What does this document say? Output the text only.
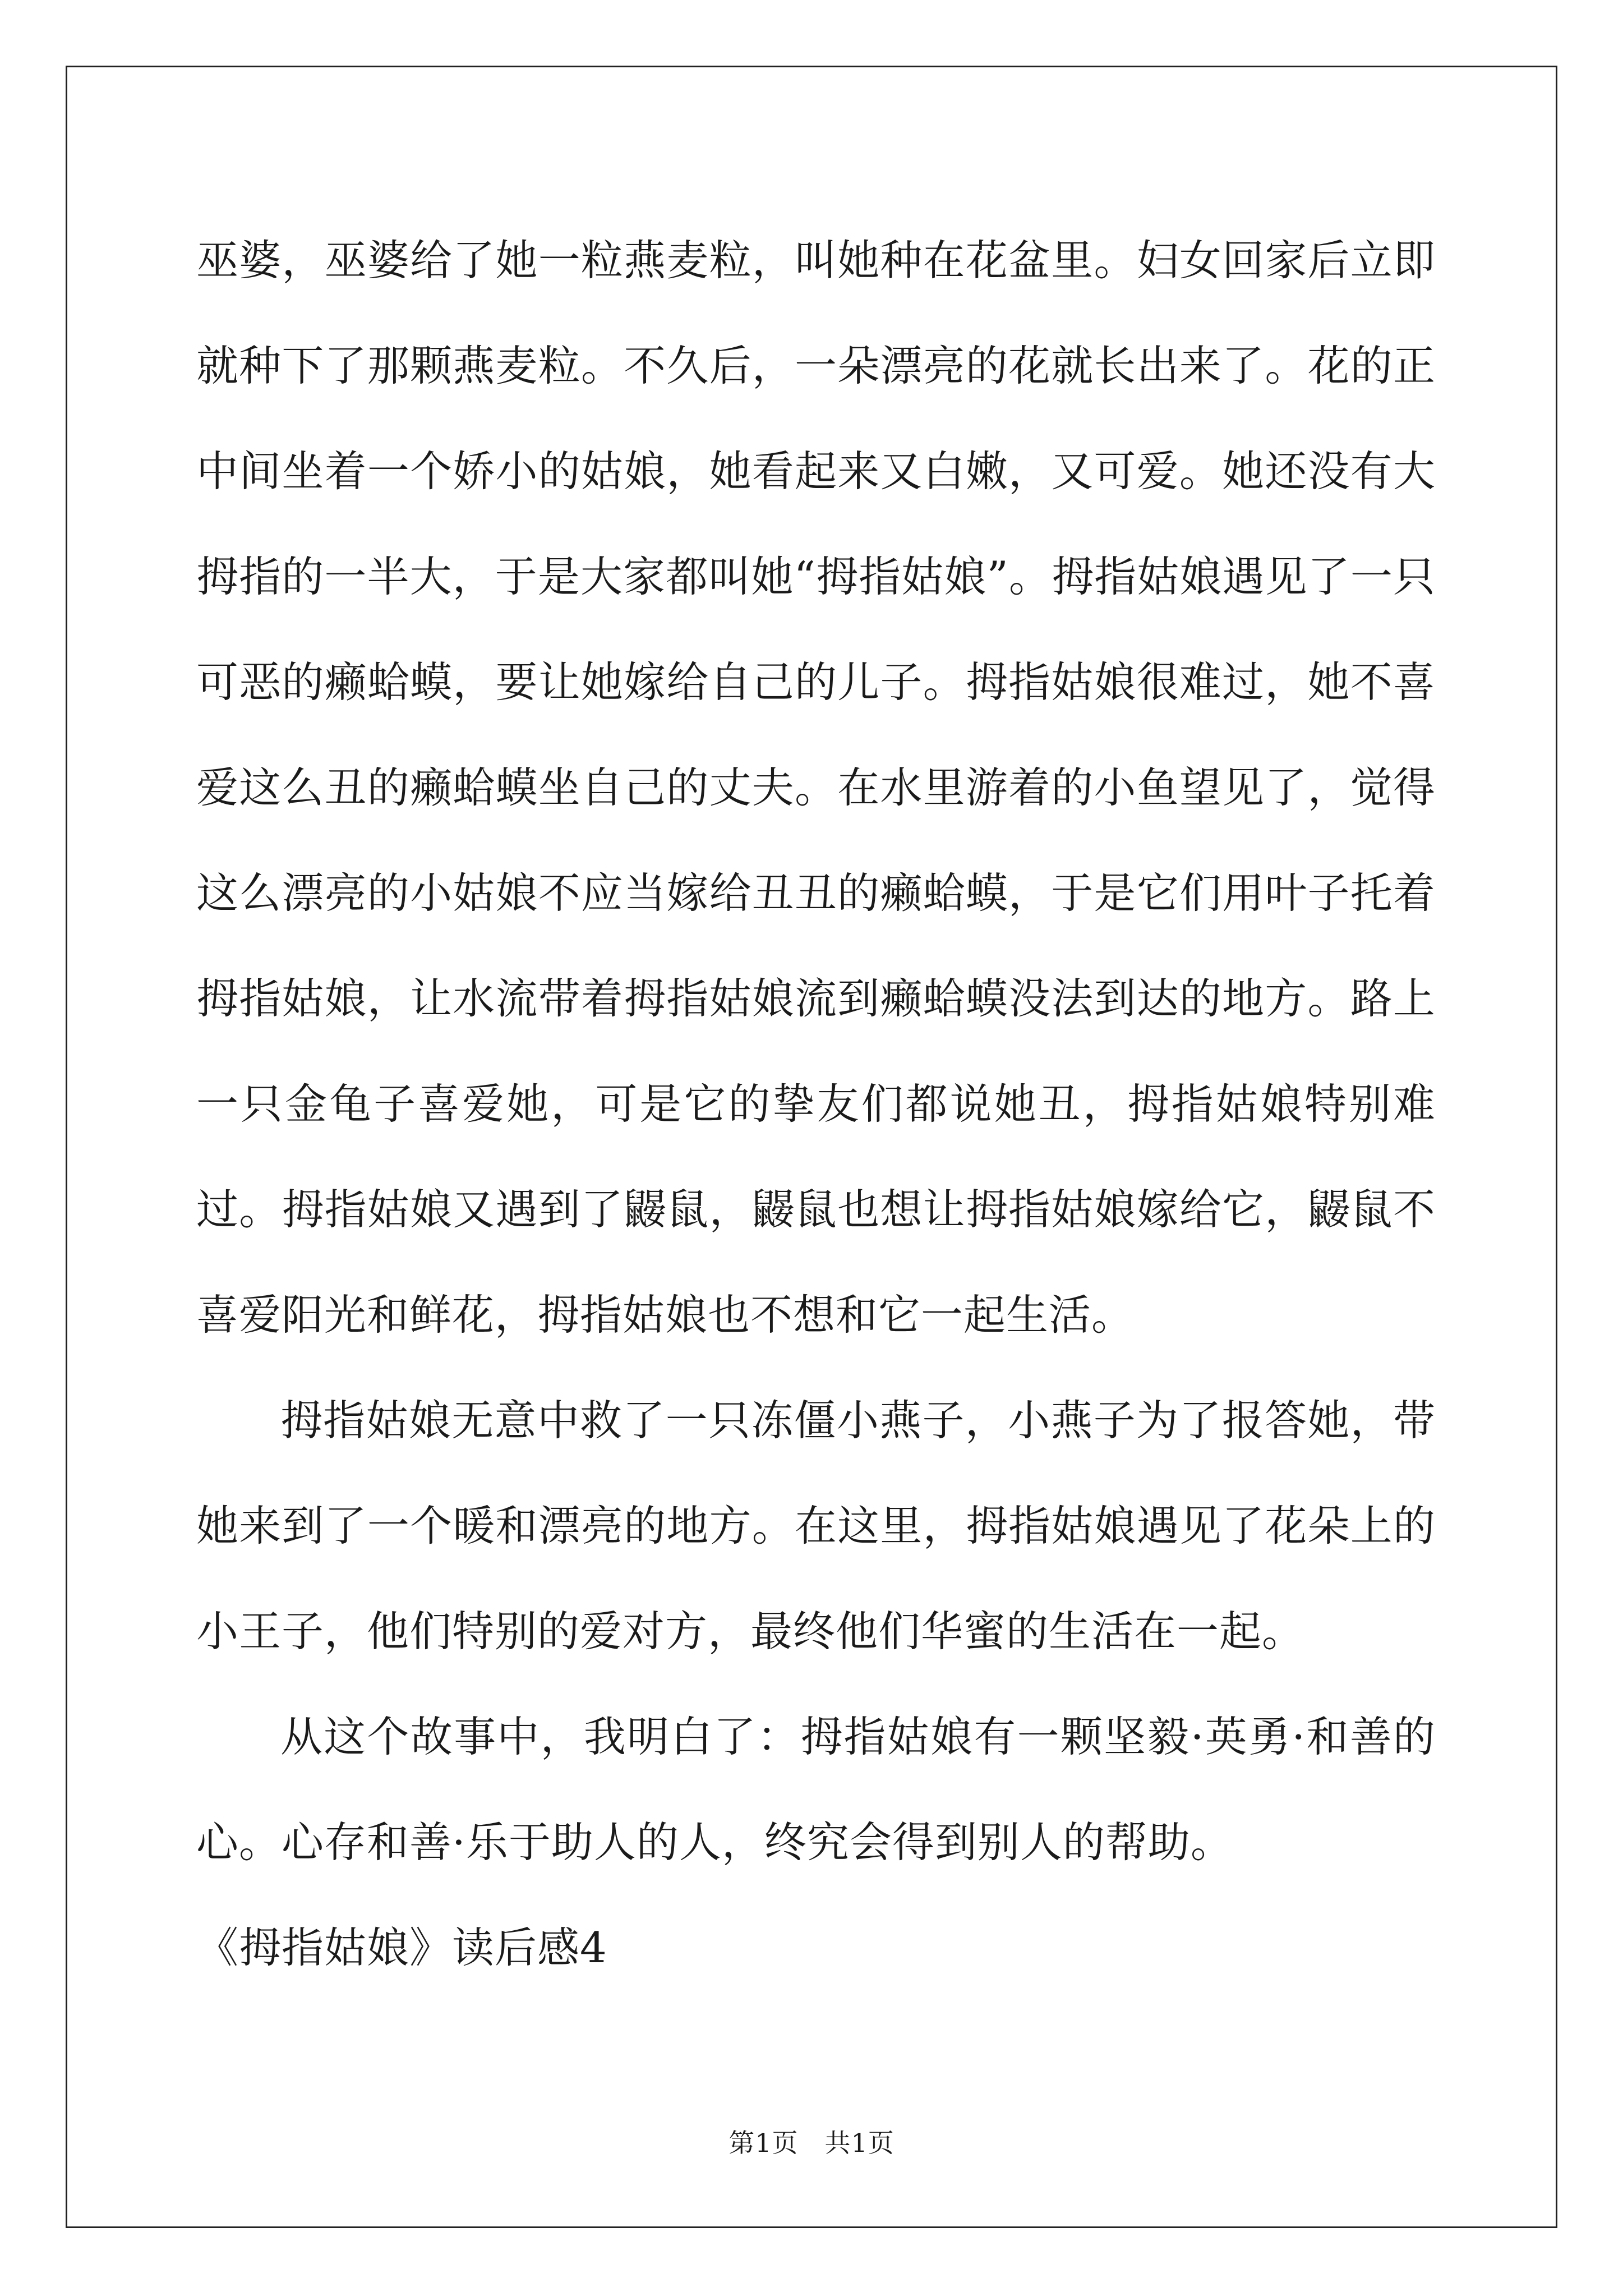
巫婆，巫婆给了她一粒燕麦粒，叫她种在花盆里。妇女回家后立即就种下了那颗燕麦粒。不久后，一朵漂亮的花就长出来了。花的正中间坐着一个娇小的姑娘，她看起来又白嫩，又可爱。她还没有大拇指的一半大，于是大家都叫她“拇指姑娘”。拇指姑娘遇见了一只可恶的癞蛤蟆，要让她嫁给自己的儿子。拇指姑娘很难过，她不喜爱这么丑的癞蛤蟆坐自己的丈夫。在水里游着的小鱼望见了，觉得这么漂亮的小姑娘不应当嫁给丑丑的癞蛤蟆，于是它们用叶子托着拇指姑娘，让水流带着拇指姑娘流到癞蛤蟆没法到达的地方。路上一只金龟子喜爱她，可是它的挚友们都说她丑，拇指姑娘特别难过。拇指姑娘又遇到了鼹鼠，鼹鼠也想让拇指姑娘嫁给它，鼹鼠不喜爱阳光和鲜花，拇指姑娘也不想和它一起生活。

拇指姑娘无意中救了一只冻僵小燕子，小燕子为了报答她，带她来到了一个暖和漂亮的地方。在这里，拇指姑娘遇见了花朵上的小王子，他们特别的爱对方，最终他们华蜜的生活在一起。

从这个故事中，我明白了：拇指姑娘有一颗坚毅·英勇·和善的心。心存和善·乐于助人的人，终究会得到别人的帮助。

《拇指姑娘》读后感4

第1页　共1页
